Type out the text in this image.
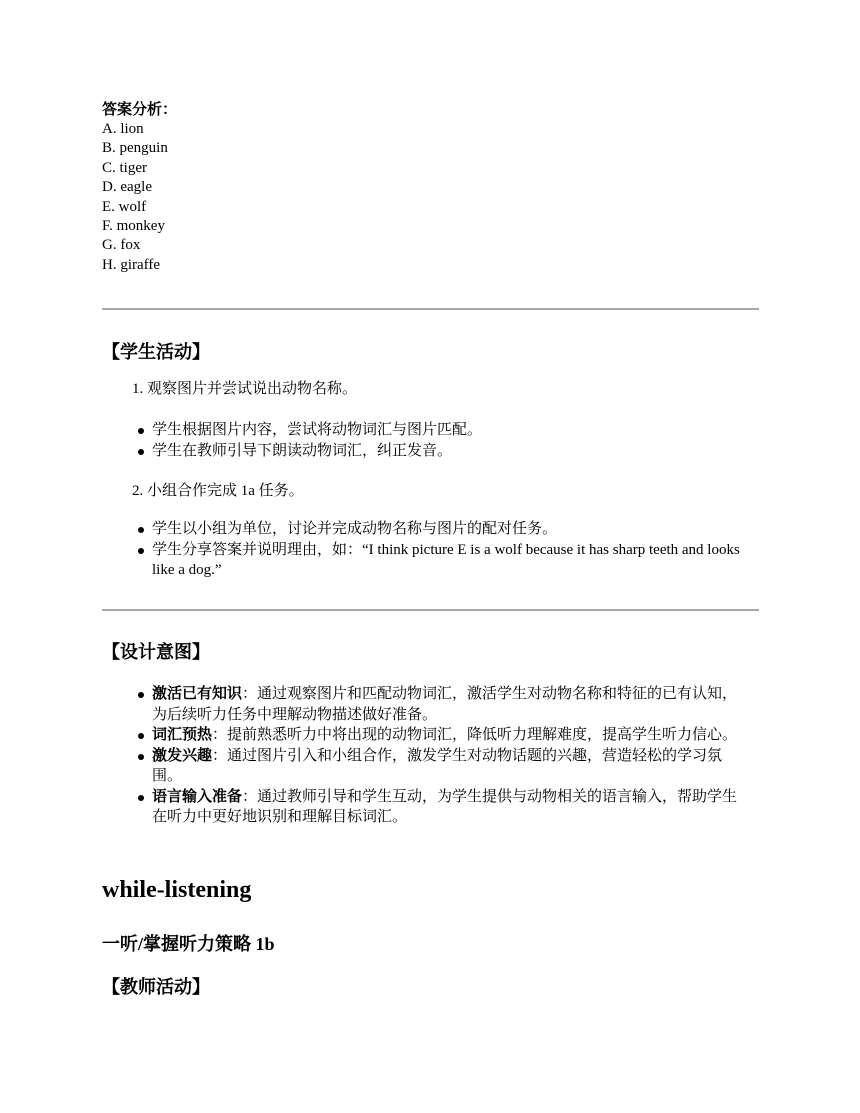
答案分析：

A. lion

B. penguin

C. tiger

D. eagle

E. wolf

F. monkey

G. fox

H. giraffe

【学生活动】

1. 观察图片并尝试说出动物名称。
学生根据图片内容，尝试将动物词汇与图片匹配。
学生在教师引导下朗读动物词汇，纠正发音。
2. 小组合作完成 1a 任务。
学生以小组为单位，讨论并完成动物名称与图片的配对任务。
学生分享答案并说明理由，如：“I think picture E is a wolf because it has sharp teeth and looks like a dog.”

【设计意图】

激活已有知识：通过观察图片和匹配动物词汇，激活学生对动物名称和特征的已有认知，为后续听力任务中理解动物描述做好准备。
词汇预热：提前熟悉听力中将出现的动物词汇，降低听力理解难度，提高学生听力信心。
激发兴趣：通过图片引入和小组合作，激发学生对动物话题的兴趣，营造轻松的学习氛围。
语言输入准备：通过教师引导和学生互动，为学生提供与动物相关的语言输入，帮助学生在听力中更好地识别和理解目标词汇。
while-listening
一听/掌握听力策略 1b

【教师活动】
